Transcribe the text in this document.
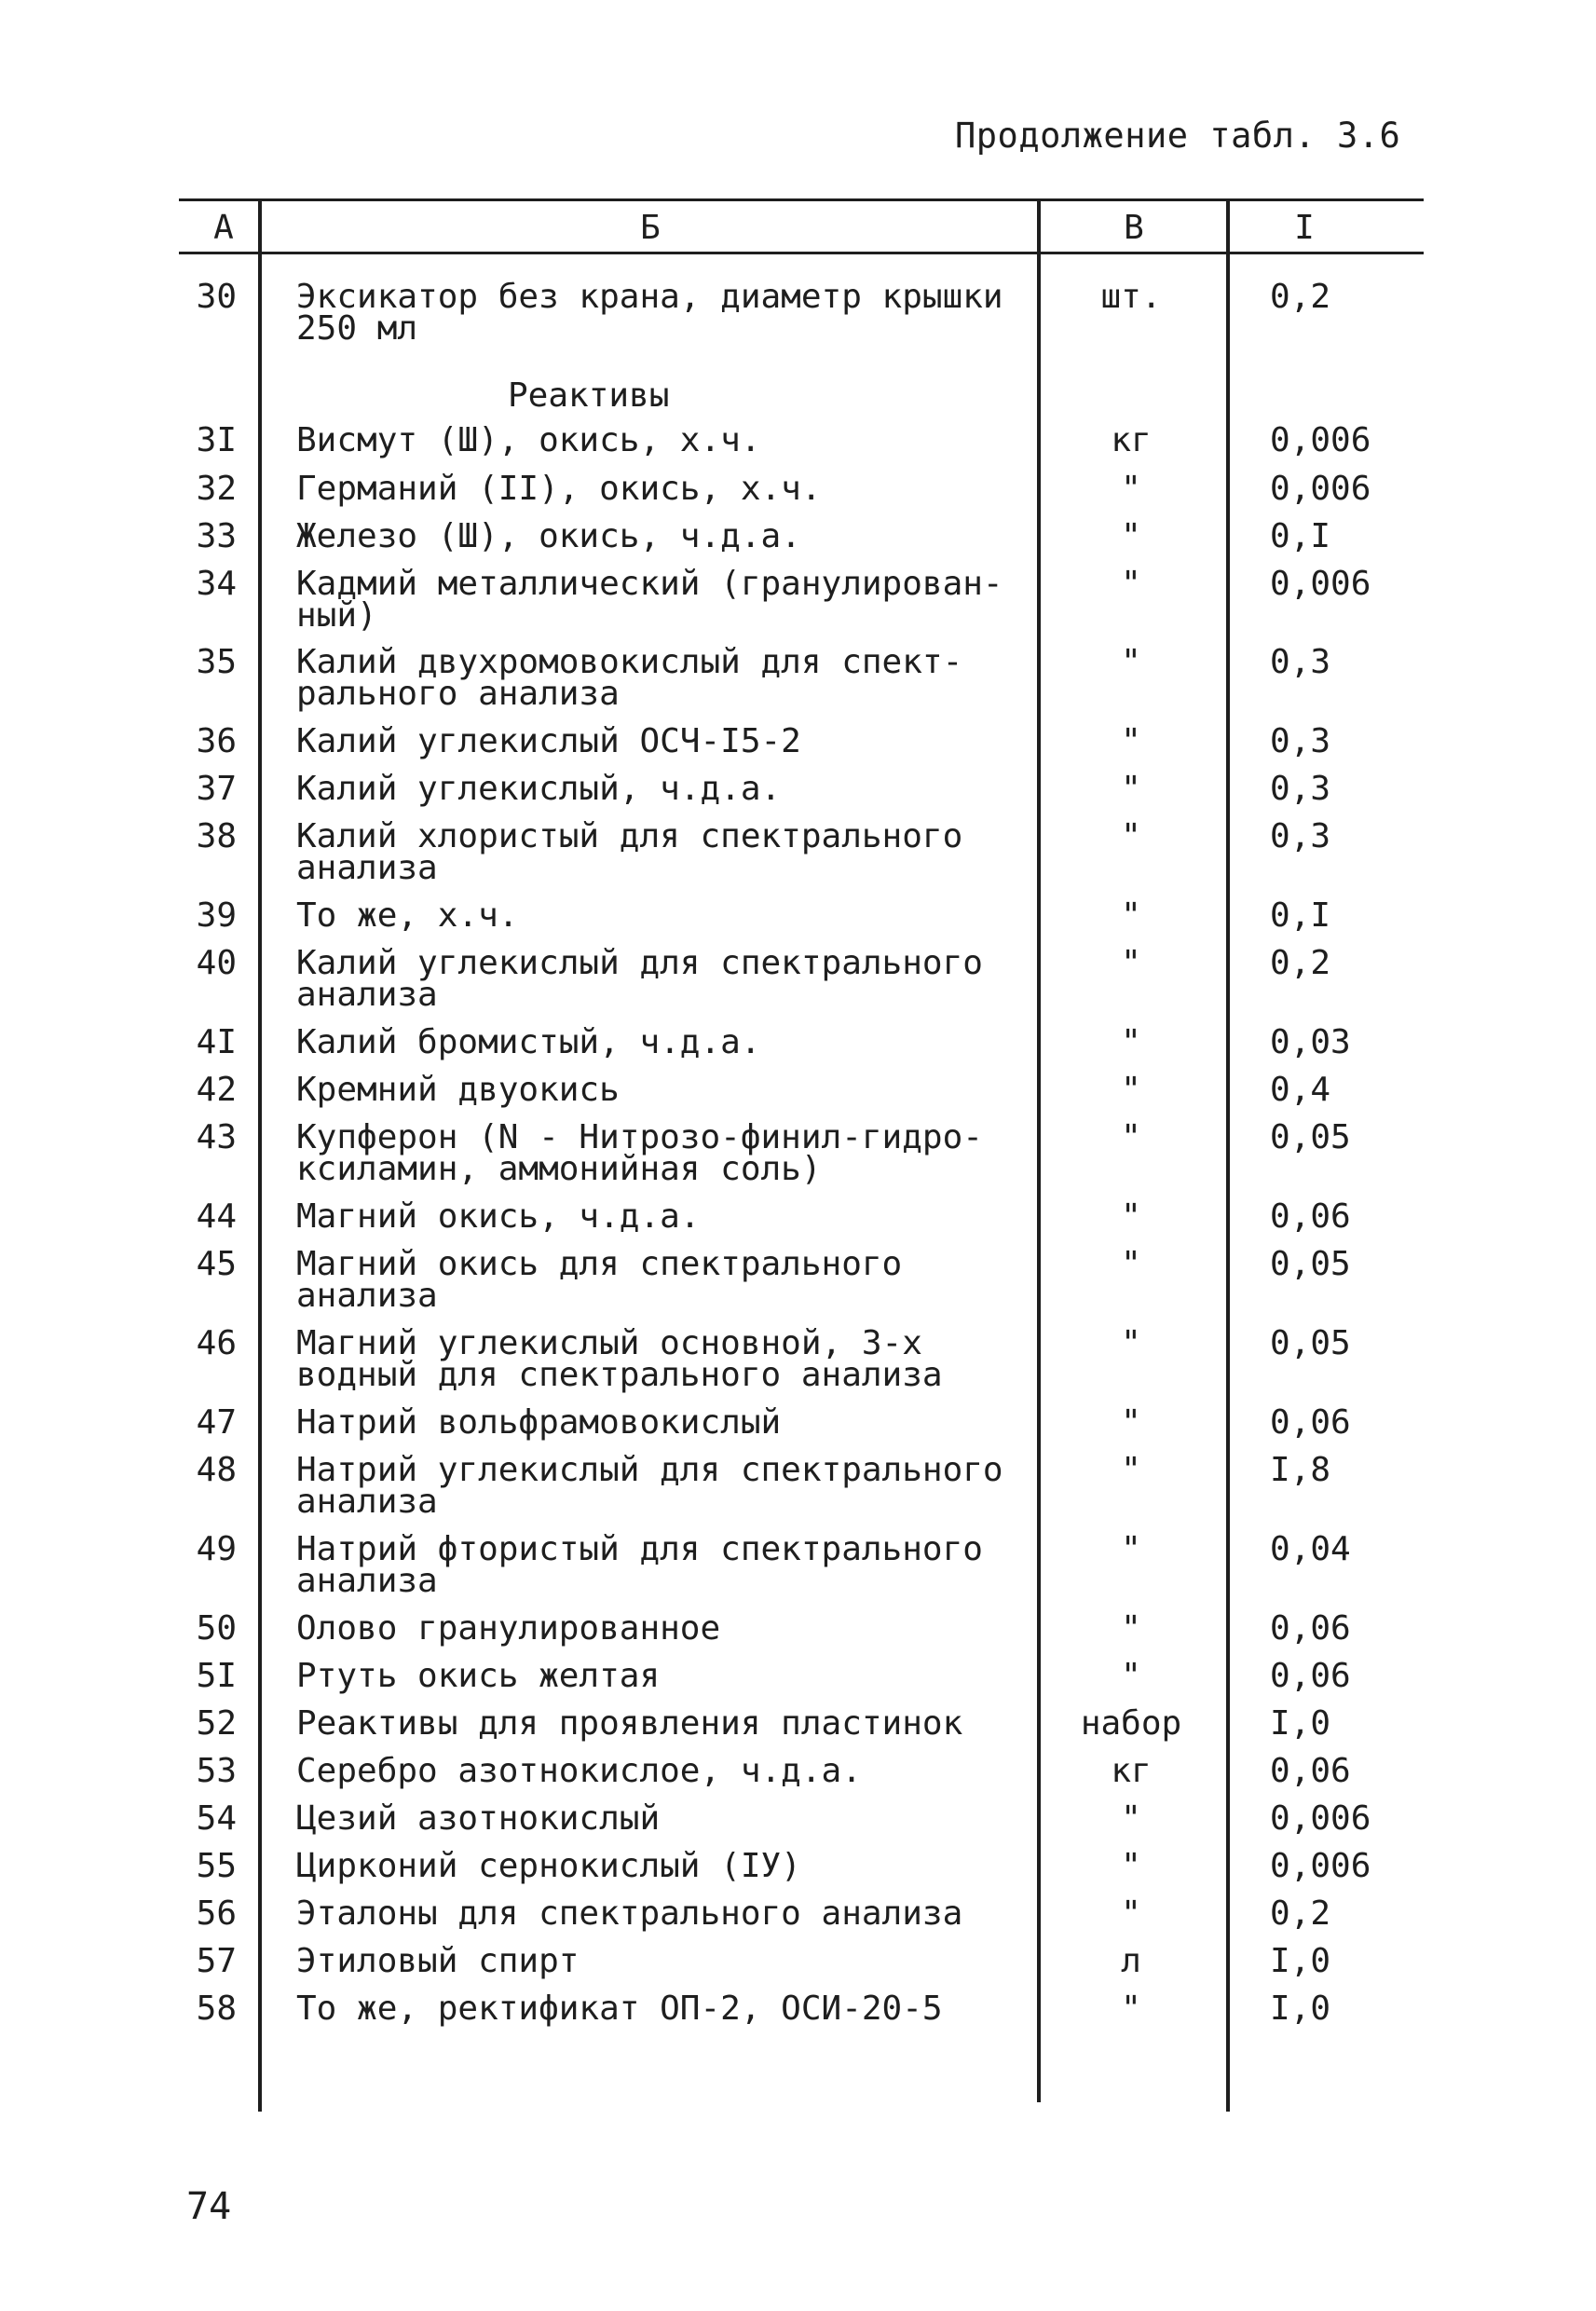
Продолжение табл. 3.6
А	Б	В	I
Реактивы
30 Эксикатор без крана, диаметр крышки
250 мл
шт.	0,2
3I Висмут (Ш), окись, х.ч.	кг	0,006
32 Германий (II), окись, х.ч.	"	0,006
33 Железо (Ш), окись, ч.д.а.	"	0,I
34 Кадмий металлический (гранулирован-
ный)
"	0,006
35 Калий двухромовокислый для спект-
рального анализа
"	0,3
36 Калий углекислый ОСЧ-I5-2	"	0,3
37 Калий углекислый, ч.д.а.	"	0,3
38 Калий хлористый для спектрального
анализа
"	0,3
39 То же, х.ч.	"	0,I
40 Калий углекислый для спектрального
анализа
"	0,2
4I Калий бромистый, ч.д.а.	"	0,03
42 Кремний двуокись	"	0,4
43 Купферон (N - Нитрозо-финил-гидро-
ксиламин, аммонийная соль)
"	0,05
44 Магний окись, ч.д.а.	"	0,06
45 Магний окись для спектрального
анализа
"	0,05
46 Магний углекислый основной, 3-х
водный для спектрального анализа
"	0,05
47 Натрий вольфрамовокислый	"	0,06
48 Натрий углекислый для спектрального
анализа
"	I,8
49 Натрий фтористый для спектрального
анализа
"	0,04
50 Олово гранулированное	"	0,06
5I Ртуть окись желтая	"	0,06
52 Реактивы для проявления пластинок	набор	I,0
53 Серебро азотнокислое, ч.д.а.	кг	0,06
54 Цезий азотнокислый	"	0,006
55 Цирконий сернокислый (IУ)	"	0,006
56 Эталоны для спектрального анализа	"	0,2
57 Этиловый спирт	л	I,0
58 То же, ректификат ОП-2, ОСИ-20-5	"	I,0
74
